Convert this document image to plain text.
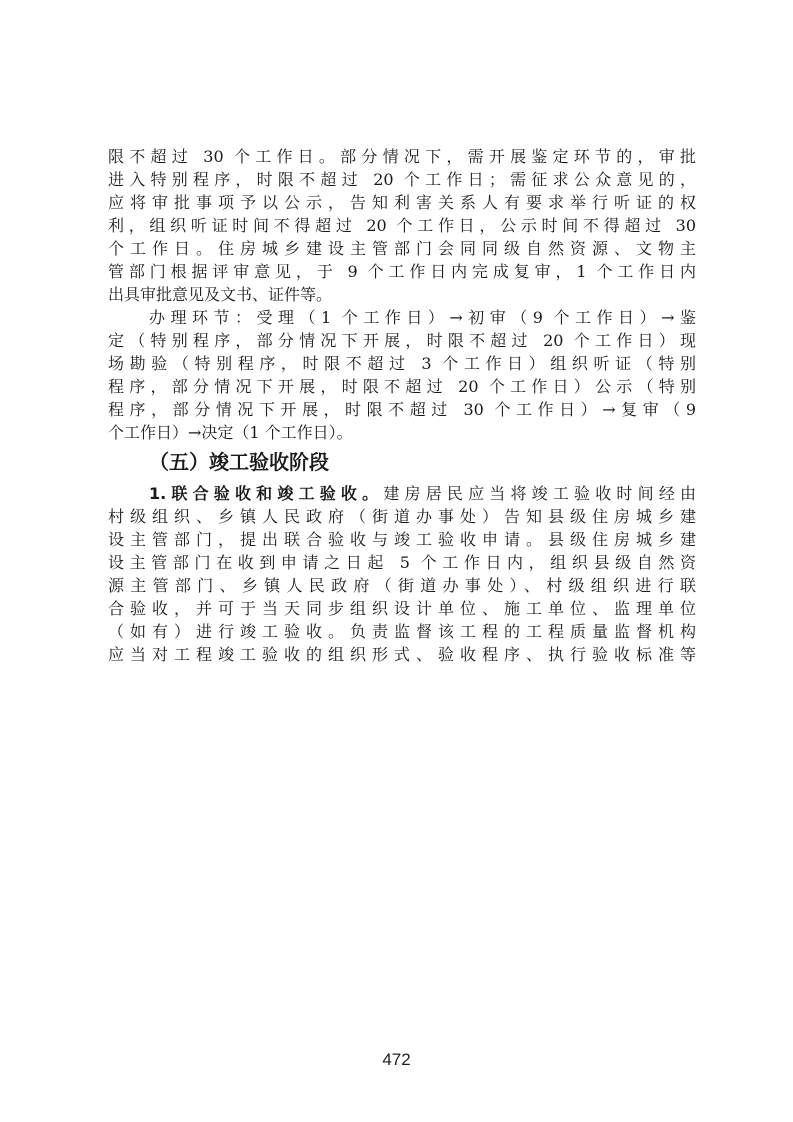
限不超过 30 个工作日。部分情况下，需开展鉴定环节的，审批
进入特别程序，时限不超过 20 个工作日；需征求公众意见的，
应将审批事项予以公示，告知利害关系人有要求举行听证的权
利，组织听证时间不得超过 20 个工作日，公示时间不得超过 30
个工作日。住房城乡建设主管部门会同同级自然资源、文物主
管部门根据评审意见，于 9 个工作日内完成复审，1 个工作日内
出具审批意见及文书、证件等。
办理环节：受理（1 个工作日）→初审（9 个工作日）→鉴
定（特别程序，部分情况下开展，时限不超过 20 个工作日）现
场勘验（特别程序，时限不超过 3 个工作日）组织听证（特别
程序，部分情况下开展，时限不超过 20 个工作日）公示（特别
程序，部分情况下开展，时限不超过 30 个工作日）→复审（9
个工作日）→决定（1 个工作日）。
（五）竣工验收阶段
1.联合验收和竣工验收。建房居民应当将竣工验收时间经由
村级组织、乡镇人民政府（街道办事处）告知县级住房城乡建
设主管部门，提出联合验收与竣工验收申请。县级住房城乡建
设主管部门在收到申请之日起 5 个工作日内，组织县级自然资
源主管部门、乡镇人民政府（街道办事处）、村级组织进行联
合验收，并可于当天同步组织设计单位、施工单位、监理单位
（如有）进行竣工验收。负责监督该工程的工程质量监督机构
应当对工程竣工验收的组织形式、验收程序、执行验收标准等
472
